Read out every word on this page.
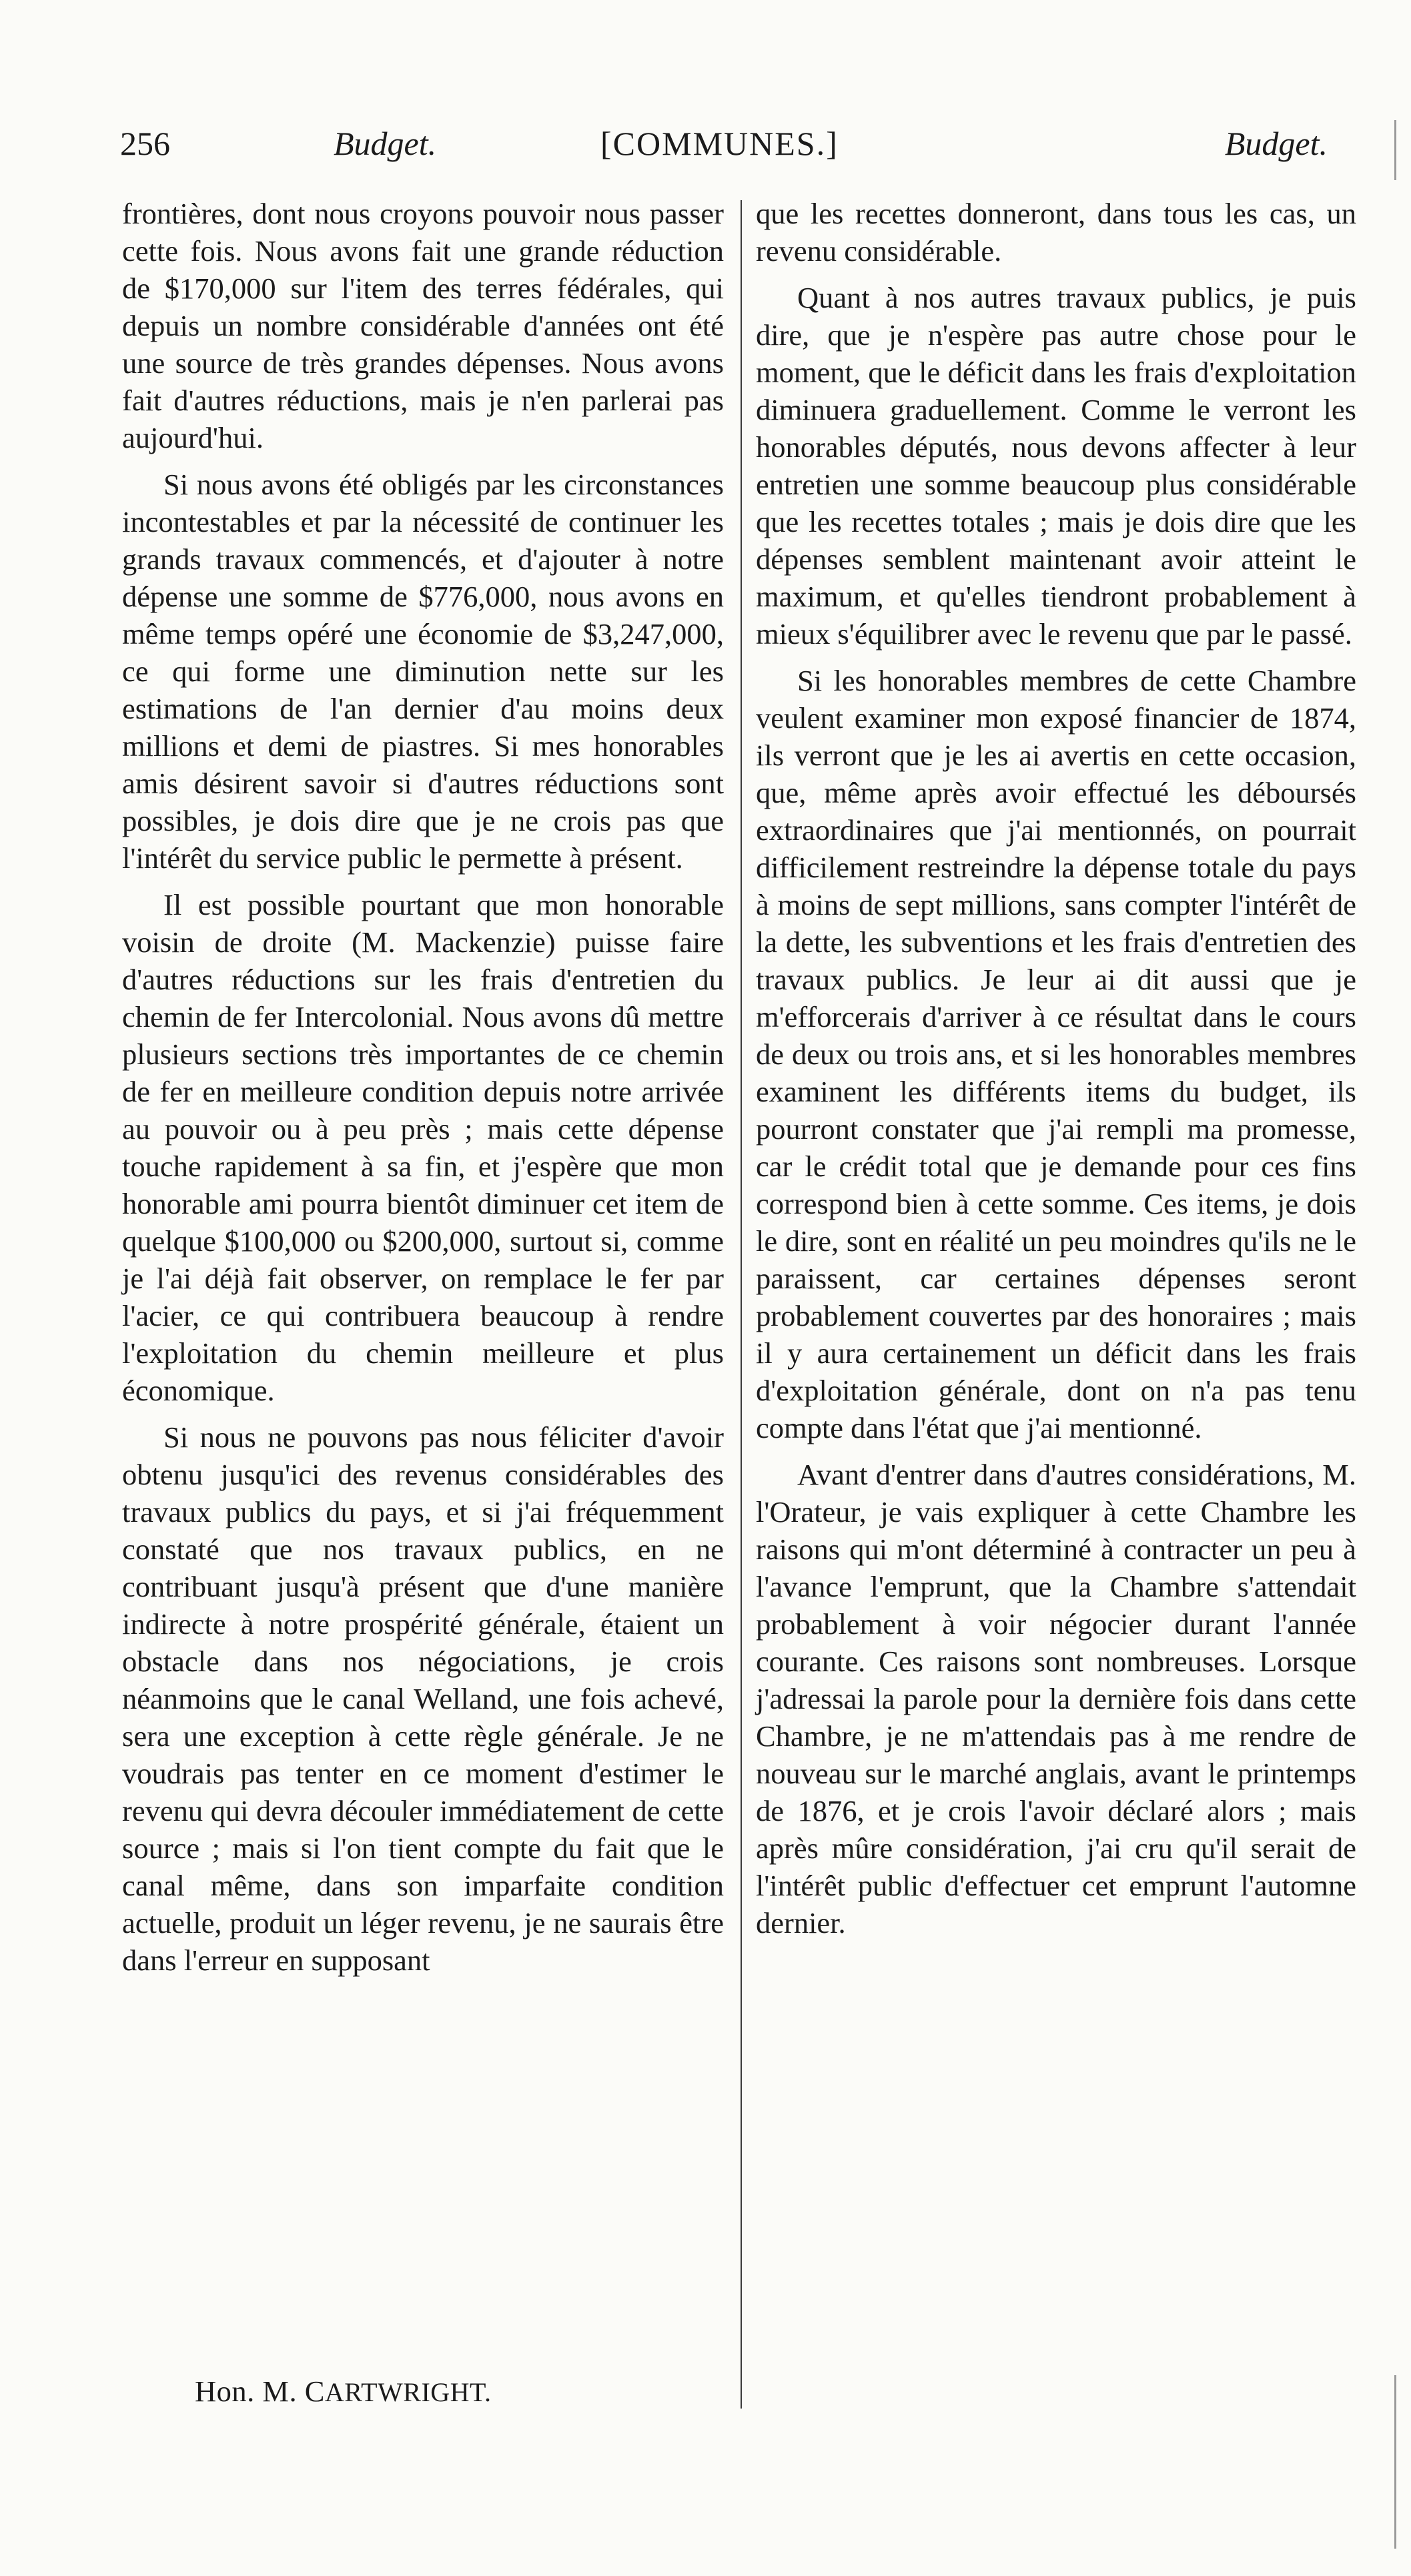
256	Budget.	[COMMUNES.]	Budget.

frontières, dont nous croyons pouvoir nous passer cette fois. Nous avons fait une grande réduction de $170,000 sur l'item des terres fédérales, qui depuis un nombre considérable d'années ont été une source de très grandes dépenses. Nous avons fait d'autres réductions, mais je n'en parlerai pas aujourd'hui.

Si nous avons été obligés par les circonstances incontestables et par la nécessité de continuer les grands travaux commencés, et d'ajouter à notre dépense une somme de $776,000, nous avons en même temps opéré une économie de $3,247,000, ce qui forme une diminution nette sur les estimations de l'an dernier d'au moins deux millions et demi de piastres. Si mes honorables amis désirent savoir si d'autres réductions sont possibles, je dois dire que je ne crois pas que l'intérêt du service public le permette à présent.

Il est possible pourtant que mon honorable voisin de droite (M. Mackenzie) puisse faire d'autres réductions sur les frais d'entretien du chemin de fer Intercolonial. Nous avons dû mettre plusieurs sections très importantes de ce chemin de fer en meilleure condition depuis notre arrivée au pouvoir ou à peu près ; mais cette dépense touche rapidement à sa fin, et j'espère que mon honorable ami pourra bientôt diminuer cet item de quelque $100,000 ou $200,000, surtout si, comme je l'ai déjà fait observer, on remplace le fer par l'acier, ce qui contribuera beaucoup à rendre l'exploitation du chemin meilleure et plus économique.

Si nous ne pouvons pas nous féliciter d'avoir obtenu jusqu'ici des revenus considérables des travaux publics du pays, et si j'ai fréquemment constaté que nos travaux publics, en ne contribuant jusqu'à présent que d'une manière indirecte à notre prospérité générale, étaient un obstacle dans nos négociations, je crois néanmoins que le canal Welland, une fois achevé, sera une exception à cette règle générale. Je ne voudrais pas tenter en ce moment d'estimer le revenu qui devra découler immédiatement de cette source ; mais si l'on tient compte du fait que le canal même, dans son imparfaite condition actuelle, produit un léger revenu, je ne saurais être dans l'erreur en supposant

que les recettes donneront, dans tous les cas, un revenu considérable.

Quant à nos autres travaux publics, je puis dire, que je n'espère pas autre chose pour le moment, que le déficit dans les frais d'exploitation diminuera graduellement. Comme le verront les honorables députés, nous devons affecter à leur entretien une somme beaucoup plus considérable que les recettes totales ; mais je dois dire que les dépenses semblent maintenant avoir atteint le maximum, et qu'elles tiendront probablement à mieux s'équilibrer avec le revenu que par le passé.

Si les honorables membres de cette Chambre veulent examiner mon exposé financier de 1874, ils verront que je les ai avertis en cette occasion, que, même après avoir effectué les déboursés extraordinaires que j'ai mentionnés, on pourrait difficilement restreindre la dépense totale du pays à moins de sept millions, sans compter l'intérêt de la dette, les subventions et les frais d'entretien des travaux publics. Je leur ai dit aussi que je m'efforcerais d'arriver à ce résultat dans le cours de deux ou trois ans, et si les honorables membres examinent les différents items du budget, ils pourront constater que j'ai rempli ma promesse, car le crédit total que je demande pour ces fins correspond bien à cette somme. Ces items, je dois le dire, sont en réalité un peu moindres qu'ils ne le paraissent, car certaines dépenses seront probablement couvertes par des honoraires ; mais il y aura certainement un déficit dans les frais d'exploitation générale, dont on n'a pas tenu compte dans l'état que j'ai mentionné.

Avant d'entrer dans d'autres considérations, M. l'Orateur, je vais expliquer à cette Chambre les raisons qui m'ont déterminé à contracter un peu à l'avance l'emprunt, que la Chambre s'attendait probablement à voir négocier durant l'année courante. Ces raisons sont nombreuses. Lorsque j'adressai la parole pour la dernière fois dans cette Chambre, je ne m'attendais pas à me rendre de nouveau sur le marché anglais, avant le printemps de 1876, et je crois l'avoir déclaré alors ; mais après mûre considération, j'ai cru qu'il serait de l'intérêt public d'effectuer cet emprunt l'automne dernier.

Hon. M. CARTWRIGHT.
